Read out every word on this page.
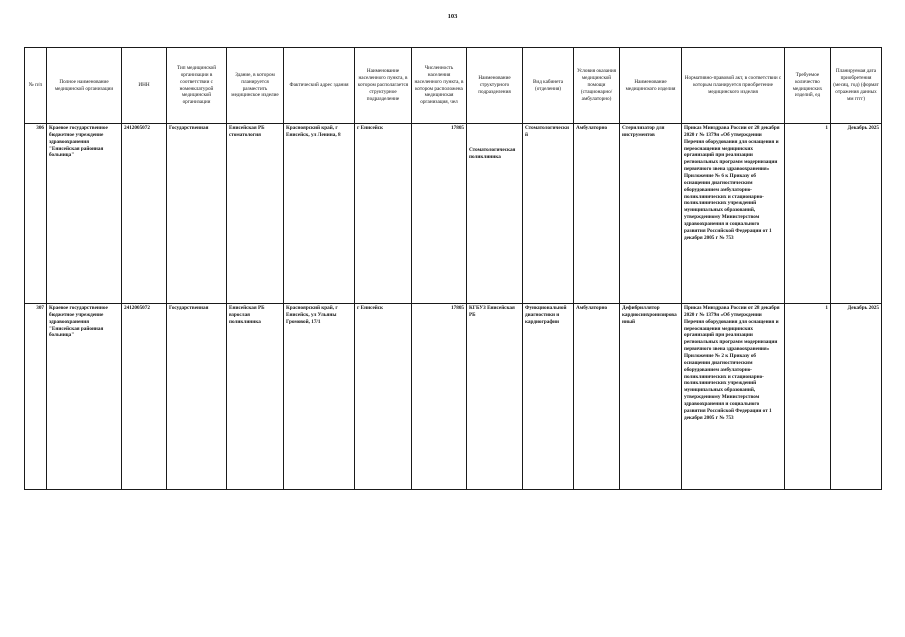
103
№ п/п	Полное наименование медицинской организации	ИНН	Тип медицинской организации в соответствии с номенклатурой медицинской организации	Здание, в котором планируется разместить медицинское изделие	Фактический адрес здания	Наименование населенного пункта, в котором располагается структурное подразделение	Численность населения населенного пункта, в котором расположена медицинская организация, чел	Наименование структурного подразделения	Вид кабинета (отделения)	Условия оказания медицинской помощи (стационарно/ амбулаторно)	Наименование медицинского изделия	Нормативно-правовой акт, в соответствии с которым планируется приобретение медицинского изделия	Требуемое количество медицинских изделий, ед	Планируемая дата приобретения (месяц, год) (формат отражения данных мм гггг)
306	Краевое государственное бюджетное учреждение здравоохранения "Енисейская районная больница"	2412005072	Государственная	Енисейская РБ стоматология	Красноярский край, г Енисейск, ул Ленина, 8	г Енисейск	17805	Стоматологическая поликлиника	Стоматологический	Амбулаторно	Стерилизатор для инструментов	Приказ Минздрава России от 28 декабря 2020 г № 1379н «Об утверждении Перечня оборудования для оснащения и переоснащения медицинских организаций при реализации региональных программ модернизации первичного звена здравоохранения» Приложение № 6 к Приказу об оснащении диагностическим оборудованием амбулаторно-поликлинических и стационарно-поликлинических учреждений муниципальных образований, утвержденному Министерством здравоохранения и социального развития Российской Федерации от 1 декабря 2005 г № 753	1	Декабрь 2025
307	Краевое государственное бюджетное учреждение здравоохранения "Енисейская районная больница"	2412005072	Государственная	Енисейская РБ взрослая поликлиника	Красноярский край, г Енисейск, ул Ульяны Громовой, 17/1	г Енисейск	17805	КГБУЗ Енисейская РБ	Функциональной диагностики и кардиографии	Амбулаторно	Дефибриллятор кардиосинхронизированный	Приказ Минздрава России от 28 декабря 2020 г № 1379н «Об утверждении Перечня оборудования для оснащения и переоснащения медицинских организаций при реализации региональных программ модернизации первичного звена здравоохранения» Приложение № 2 к Приказу об оснащении диагностическим оборудованием амбулаторно-поликлинических и стационарно-поликлинических учреждений муниципальных образований, утвержденному Министерством здравоохранения и социального развития Российской Федерации от 1 декабря 2005 г № 753	1	Декабрь 2025
